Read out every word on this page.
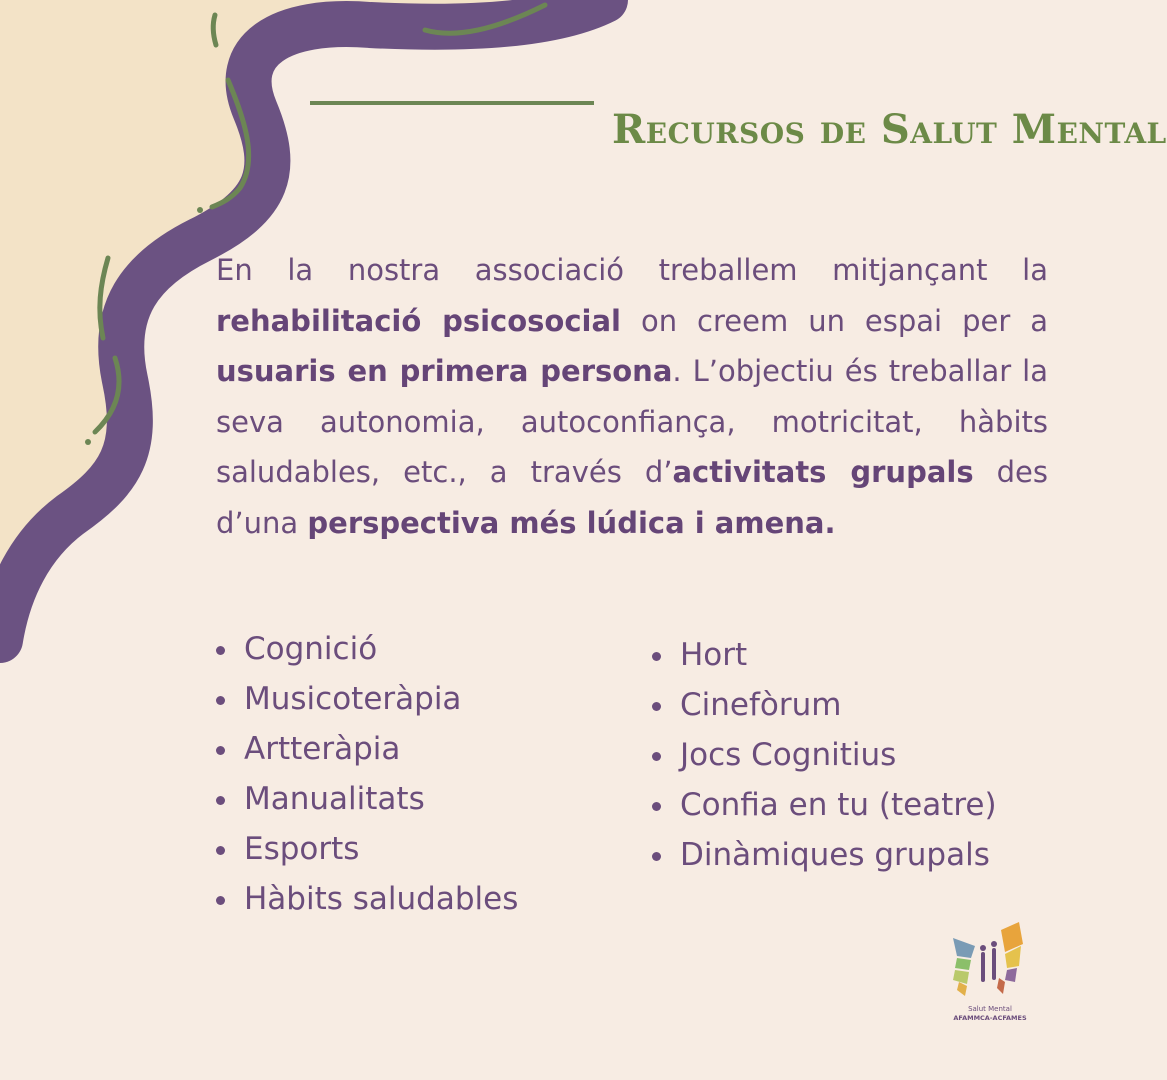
Recursos de Salut Mental

En la nostra associació treballem mitjançant la rehabilitació psicosocial on creem un espai per a usuaris en primera persona. L’objectiu és treballar la seva autonomia, autoconfiança, motricitat, hàbits saludables, etc., a través d’activitats grupals des d’una perspectiva més lúdica i amena.

Cognició
Musicoteràpia
Artteràpia
Manualitats
Esports
Hàbits saludables
Hort
Cinefòrum
Jocs Cognitius
Confia en tu (teatre)
Dinàmiques grupals
Salut Mental
AFAMMCA-ACFAMES
